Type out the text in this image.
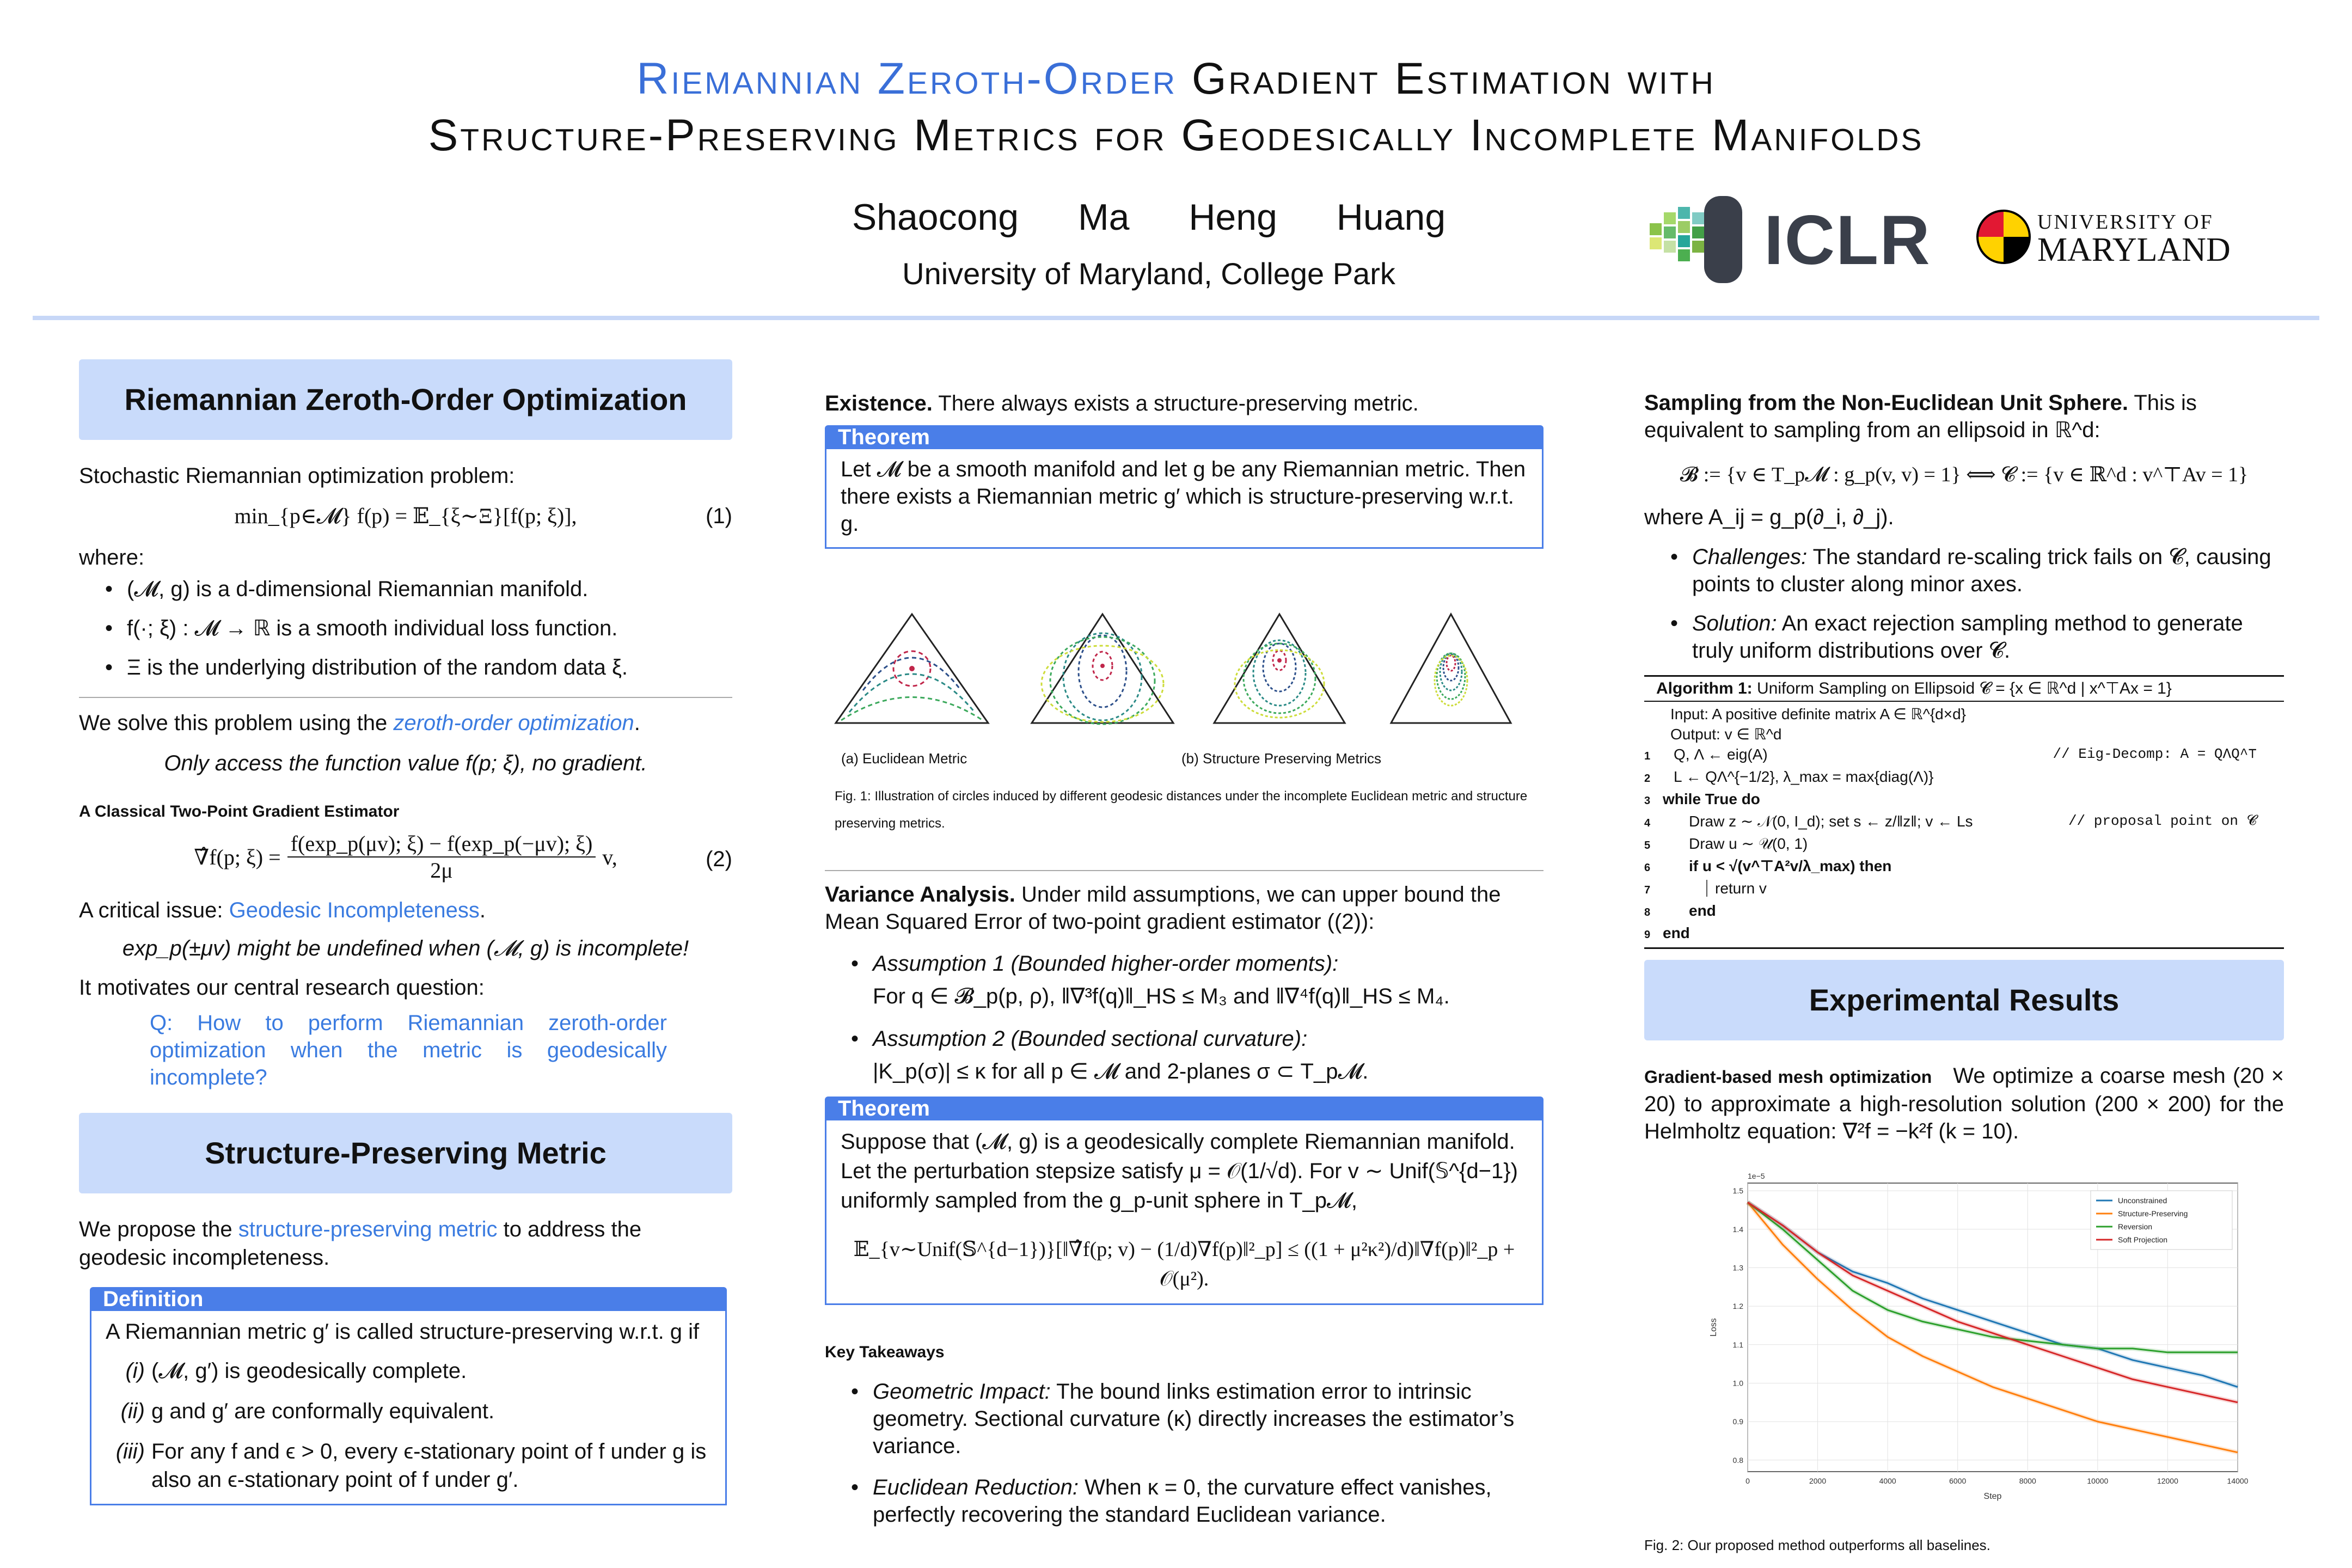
Riemannian Zeroth-Order Gradient Estimation with
Structure-Preserving Metrics for Geodesically Incomplete Manifolds
Shaocong Ma Heng Huang
University of Maryland, College Park	ICLR	UNIVERSITY OF
MARYLAND
Riemannian Zeroth-Order Optimization

Stochastic Riemannian optimization problem:

min_{p∈𝓜} f(p) = 𝔼_{ξ∼Ξ}[f(p; ξ)],	(1)

where:

• (𝓜, g) is a d-dimensional Riemannian manifold.
• f(·; ξ) : 𝓜 → ℝ is a smooth individual loss function.
• Ξ is the underlying distribution of the random data ξ.

We solve this problem using the zeroth-order optimization.

Only access the function value f(p; ξ), no gradient.

A Classical Two-Point Gradient Estimator
∇̂f(p; $\xi) = \frac{f(\exp\_p(\mu v); \xi) - f(\exp\_p(-\mu v); \xi)}{2\mu} v$,	(2)

A critical issue: Geodesic Incompleteness.

exp_p(±μv) might be undefined when (𝓜, g) is incomplete!

It motivates our central research question:

Q: How to perform Riemannian zeroth-order optimization when the metric is geodesically incomplete?

Structure-Preserving Metric

We propose the structure-preserving metric to address the geodesic incompleteness.

Definition
A Riemannian metric g′ is called structure-preserving w.r.t. g if
(i) (𝓜, g′) is geodesically complete.
(ii) g and g′ are conformally equivalent.
(iii) For any f and ϵ > 0, every ϵ-stationary point of f under g is also an ϵ-stationary point of f under g′.

Existence. There always exists a structure-preserving metric.

Theorem
Let 𝓜 be a smooth manifold and let g be any Riemannian metric. Then there exists a Riemannian metric g′ which is structure-preserving w.r.t. g.
(a) Euclidean Metric	(b) Structure Preserving Metrics
Fig. 1: Illustration of circles induced by different geodesic distances under the incomplete Euclidean metric and structure preserving metrics.

Variance Analysis. Under mild assumptions, we can upper bound the Mean Squared Error of two-point gradient estimator ((2)):

• Assumption 1 (Bounded higher-order moments):
For q ∈ 𝓑_p(p, ρ), ‖∇³f(q)‖_HS ≤ M₃ and ‖∇⁴f(q)‖_HS ≤ M₄.
• Assumption 2 (Bounded sectional curvature):
|K_p(σ)| ≤ κ for all p ∈ 𝓜 and 2-planes σ ⊂ T_p𝓜.
Theorem
Suppose that (𝓜, g) is a geodesically complete Riemannian manifold. Let the perturbation stepsize satisfy μ = 𝒪(1/√d). For v ∼ Unif(𝕊^{d−1}) uniformly sampled from the g_p-unit sphere in T_p𝓜,
𝔼_{v∼Unif(𝕊^{d−1})}[‖∇̂f(p; v) − (1/d)∇f(p)‖²_p] ≤ ((1 + μ²κ²)/d)‖∇f(p)‖²_p + 𝒪(μ²).
Key Takeaways
• Geometric Impact: The bound links estimation error to intrinsic geometry. Sectional curvature (κ) directly increases the estimator’s variance.
• Euclidean Reduction: When κ = 0, the curvature effect vanishes, perfectly recovering the standard Euclidean variance.

Sampling from the Non-Euclidean Unit Sphere. This is equivalent to sampling from an ellipsoid in ℝ^d:

𝓑 := {v ∈ T_p𝓜 : g_p(v, v) = 1} ⟺ 𝓒 := {v ∈ ℝ^d : v^⊤Av = 1}

where A_ij = g_p(∂_i, ∂_j).

• Challenges: The standard re-scaling trick fails on 𝓒, causing points to cluster along minor axes.
• Solution: An exact rejection sampling method to generate truly uniform distributions over 𝓒.
Algorithm 1: Uniform Sampling on Ellipsoid 𝓒 = {x ∈ ℝ^d | x^⊤Ax = 1}
Input: A positive definite matrix A ∈ ℝ^{d×d}
Output: v ∈ ℝ^d
1 Q, Λ ← eig(A)	// Eig-Decomp: A = QΛQ^⊤
2 L ← QΛ^{−1/2}, λ_max = max{diag(Λ)}
3 while True do
4	Draw z ∼ 𝒩(0, I_d); set s ← z/‖z‖; v ← Ls	// proposal point on 𝓒
5	Draw u ∼ 𝒰(0, 1)
6	if u < √(v^⊤A²v/λ_max) then
7	return v
8	end
9 end
Experimental Results

Gradient-based mesh optimization We optimize a coarse mesh (20 × 20) to approximate a high-resolution solution (200 × 200) for the Helmholtz equation: ∇²f = −k²f (k = 10).

0	2000	4000	6000	8000	10000	12000	14000
0.8
0.9
1.0
1.1
1.2
1.3
1.4
1.5
1e−5
Step
Loss
Unconstrained
Structure-Preserving
Reversion
Soft Projection
Fig. 2: Our proposed method outperforms all baselines.
